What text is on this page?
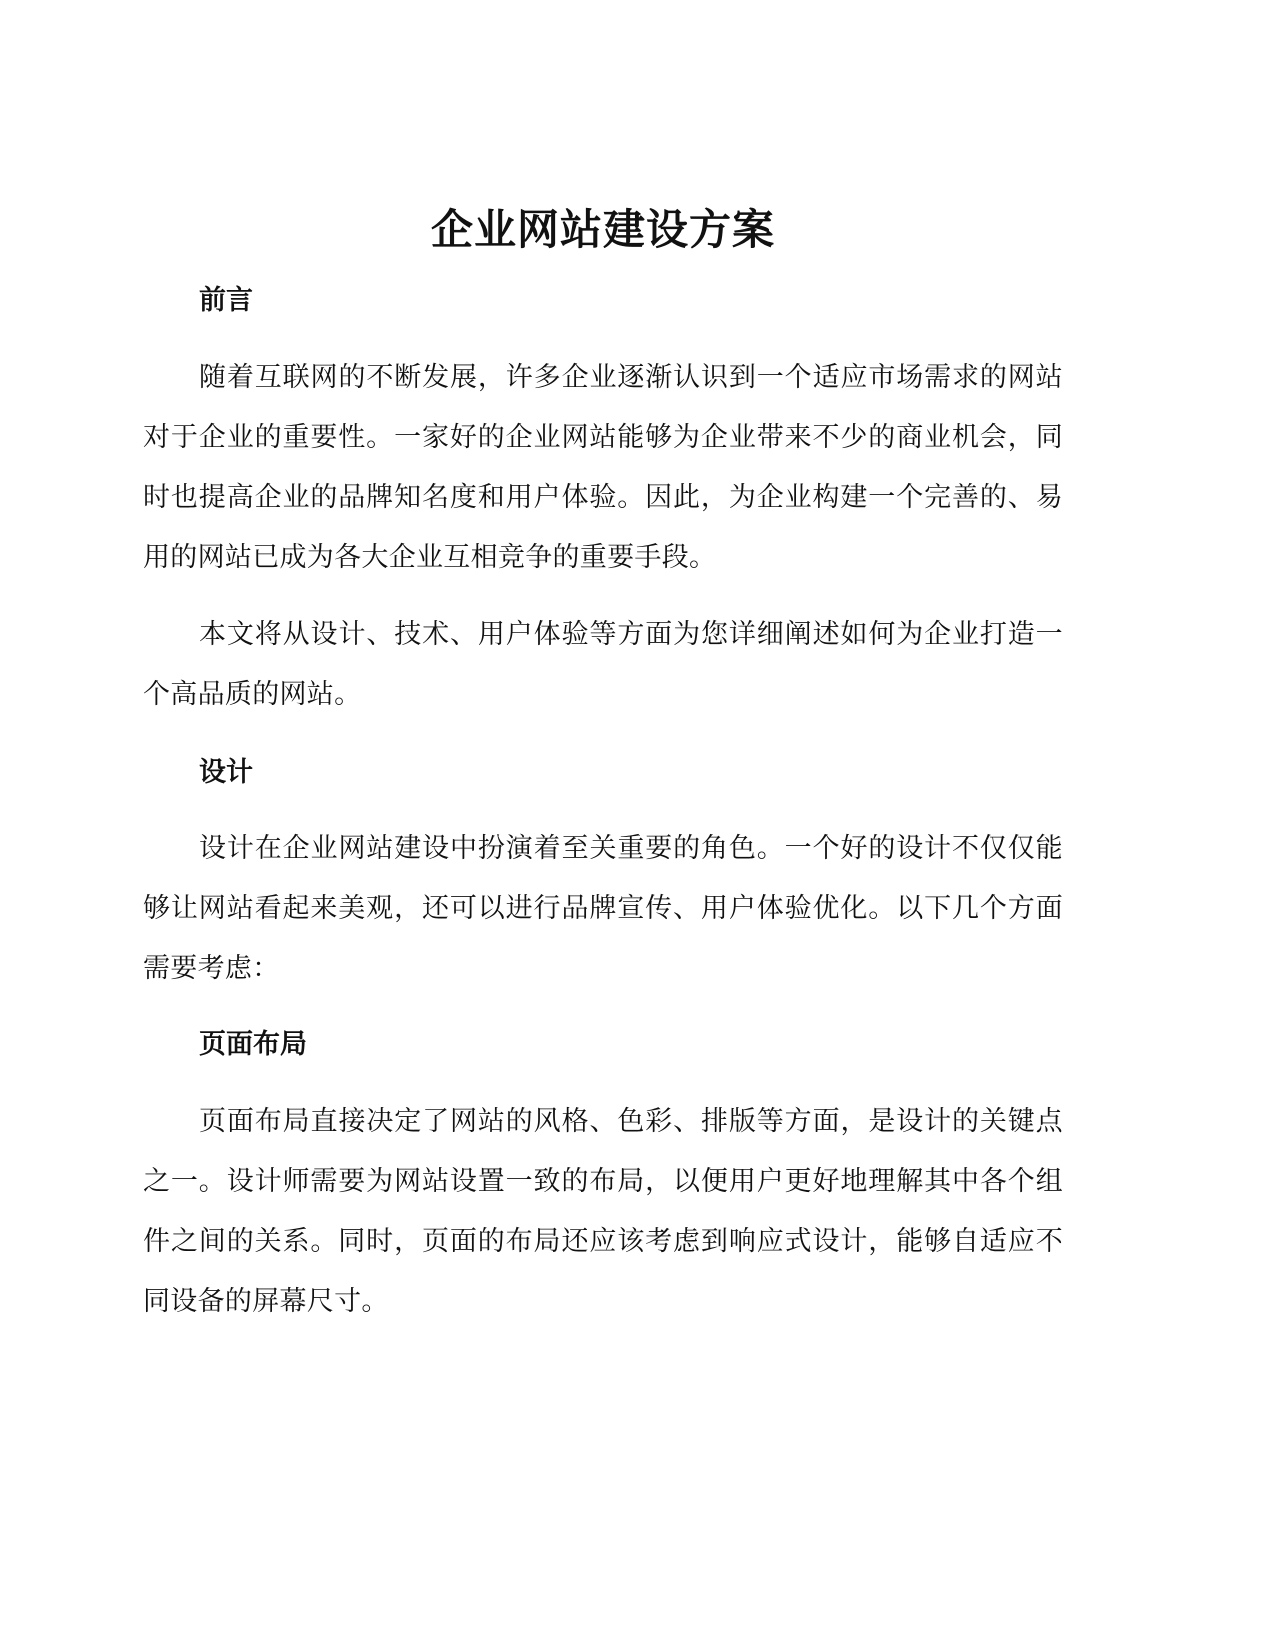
企业网站建设方案
前言

随着互联网的不断发展，许多企业逐渐认识到一个适应市场需求的网站对于企业的重要性。一家好的企业网站能够为企业带来不少的商业机会，同时也提高企业的品牌知名度和用户体验。因此，为企业构建一个完善的、易用的网站已成为各大企业互相竞争的重要手段。

本文将从设计、技术、用户体验等方面为您详细阐述如何为企业打造一个高品质的网站。

设计

设计在企业网站建设中扮演着至关重要的角色。一个好的设计不仅仅能够让网站看起来美观，还可以进行品牌宣传、用户体验优化。以下几个方面需要考虑：

页面布局

页面布局直接决定了网站的风格、色彩、排版等方面，是设计的关键点之一。设计师需要为网站设置一致的布局，以便用户更好地理解其中各个组件之间的关系。同时，页面的布局还应该考虑到响应式设计，能够自适应不同设备的屏幕尺寸。
